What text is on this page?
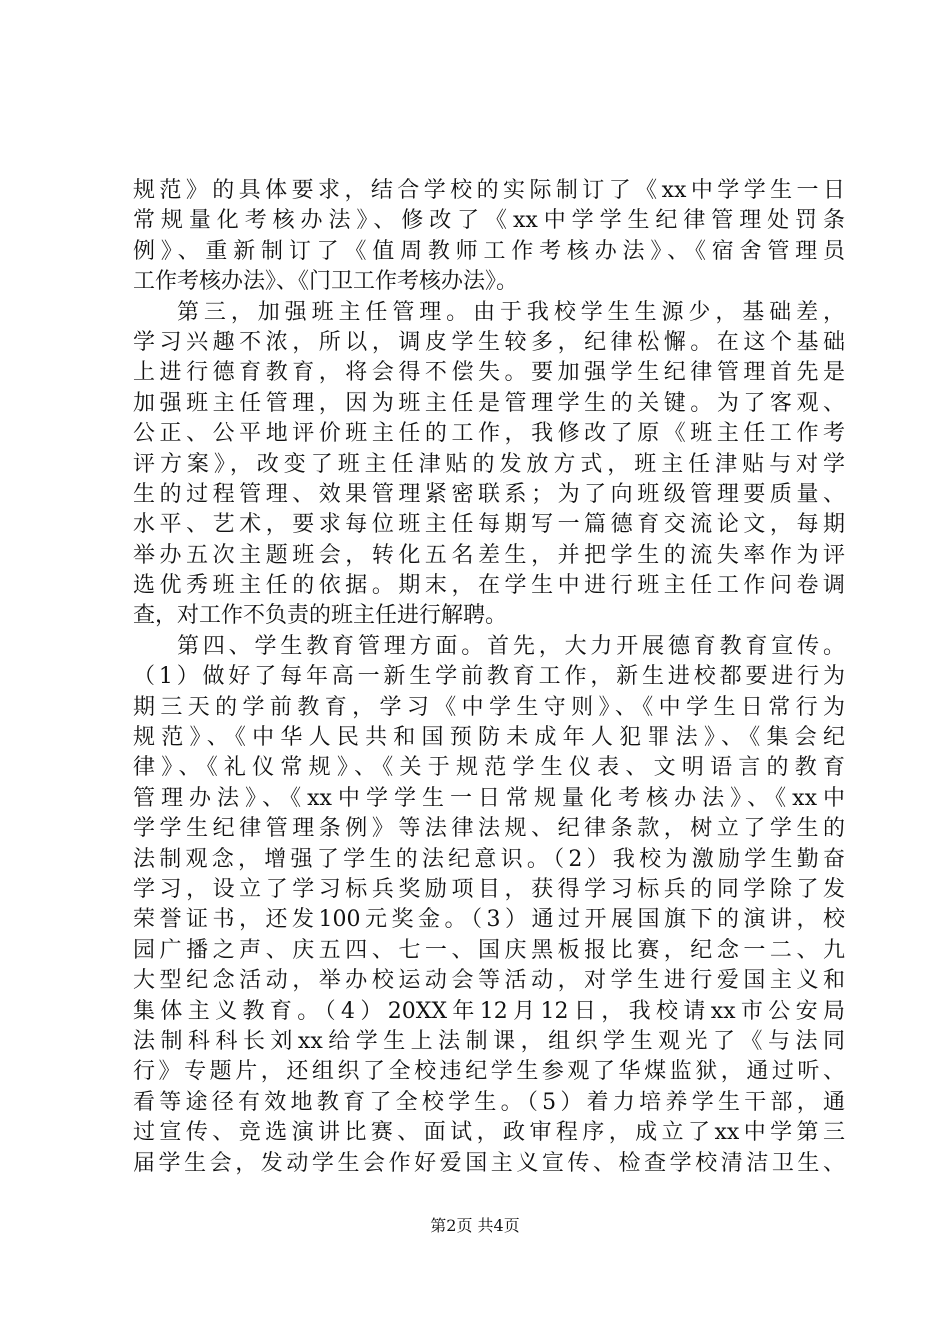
规范》的具体要求，结合学校的实际制订了《xx中学学生一日
常规量化考核办法》、修改了《xx中学学生纪律管理处罚条
例》、重新制订了《值周教师工作考核办法》、《宿舍管理员
工作考核办法》、《门卫工作考核办法》。
第三，加强班主任管理。由于我校学生生源少，基础差，
学习兴趣不浓，所以，调皮学生较多，纪律松懈。在这个基础
上进行德育教育，将会得不偿失。要加强学生纪律管理首先是
加强班主任管理，因为班主任是管理学生的关键。为了客观、
公正、公平地评价班主任的工作，我修改了原《班主任工作考
评方案》，改变了班主任津贴的发放方式，班主任津贴与对学
生的过程管理、效果管理紧密联系；为了向班级管理要质量、
水平、艺术，要求每位班主任每期写一篇德育交流论文，每期
举办五次主题班会，转化五名差生，并把学生的流失率作为评
选优秀班主任的依据。期末，在学生中进行班主任工作问卷调
查，对工作不负责的班主任进行解聘。
第四、学生教育管理方面。首先，大力开展德育教育宣传。
（1）做好了每年高一新生学前教育工作，新生进校都要进行为
期三天的学前教育，学习《中学生守则》、《中学生日常行为
规范》、《中华人民共和国预防未成年人犯罪法》、《集会纪
律》、《礼仪常规》、《关于规范学生仪表、文明语言的教育
管理办法》、《xx中学学生一日常规量化考核办法》、《xx中
学学生纪律管理条例》等法律法规、纪律条款，树立了学生的
法制观念，增强了学生的法纪意识。（2）我校为激励学生勤奋
学习，设立了学习标兵奖励项目，获得学习标兵的同学除了发
荣誉证书，还发100元奖金。（3）通过开展国旗下的演讲，校
园广播之声、庆五四、七一、国庆黑板报比赛，纪念一二、九
大型纪念活动，举办校运动会等活动，对学生进行爱国主义和
集体主义教育。（4）20XX年12月12日，我校请xx市公安局
法制科科长刘xx给学生上法制课，组织学生观光了《与法同
行》专题片，还组织了全校违纪学生参观了华煤监狱，通过听、
看等途径有效地教育了全校学生。（5）着力培养学生干部，通
过宣传、竞选演讲比赛、面试，政审程序，成立了xx中学第三
届学生会，发动学生会作好爱国主义宣传、检查学校清洁卫生、
第2页 共4页
